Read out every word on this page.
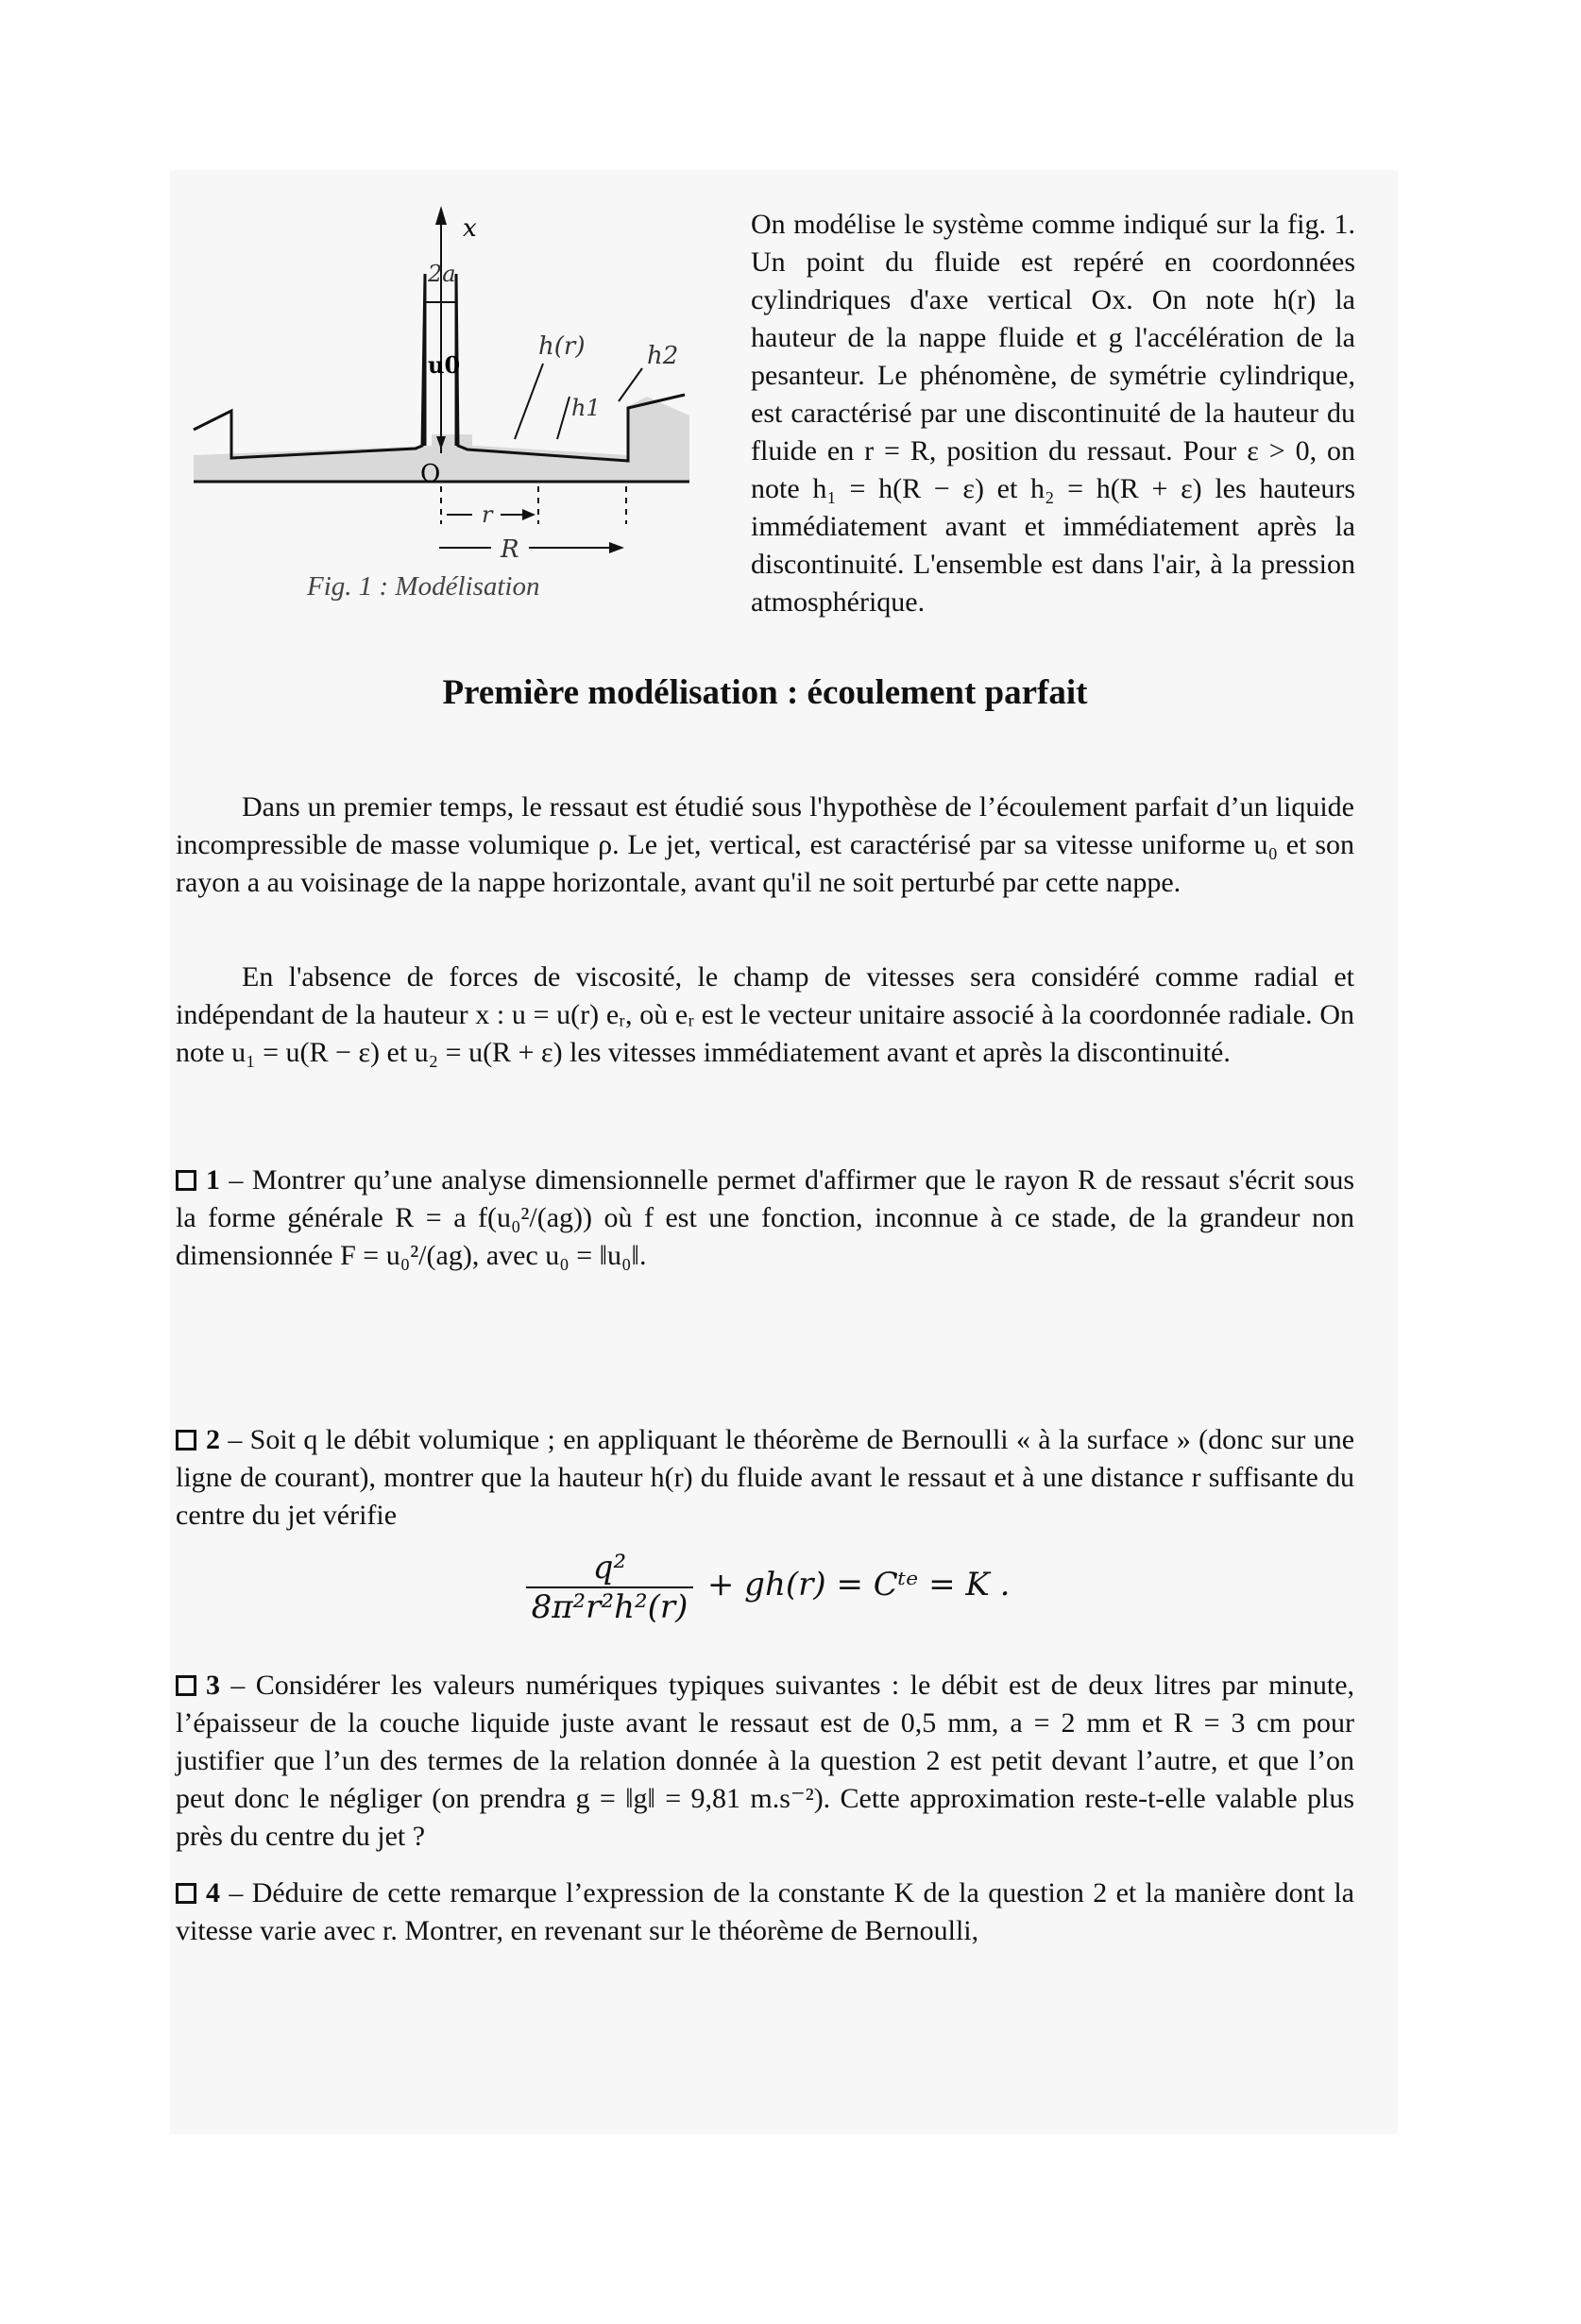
x
2a
u0
h(r)
h1
h2
O
r
R
Fig. 1 : Modélisation

On modélise le système comme indiqué sur la fig. 1. Un point du fluide est repéré en coordonnées cylindriques d'axe vertical Ox. On note h(r) la hauteur de la nappe fluide et g l'accélération de la pesanteur. Le phénomène, de symétrie cylindrique, est caractérisé par une discontinuité de la hauteur du fluide en r = R, position du ressaut. Pour ε > 0, on note h₁ = h(R − ε) et h₂ = h(R + ε) les hauteurs immédiatement avant et immédiatement après la discontinuité. L'ensemble est dans l'air, à la pression atmosphérique.

Première modélisation : écoulement parfait

Dans un premier temps, le ressaut est étudié sous l'hypothèse de l’écoulement parfait d’un liquide incompressible de masse volumique ρ. Le jet, vertical, est caractérisé par sa vitesse uniforme u₀ et son rayon a au voisinage de la nappe horizontale, avant qu'il ne soit perturbé par cette nappe.

En l'absence de forces de viscosité, le champ de vitesses sera considéré comme radial et indépendant de la hauteur x : u = u(r) eᵣ, où eᵣ est le vecteur unitaire associé à la coordonnée radiale. On note u₁ = u(R − ε) et u₂ = u(R + ε) les vitesses immédiatement avant et après la discontinuité.

1 – Montrer qu’une analyse dimensionnelle permet d'affirmer que le rayon R de ressaut s'écrit sous la forme générale R = a f(u₀²/(ag)) où f est une fonction, inconnue à ce stade, de la grandeur non dimensionnée F = u₀²/(ag), avec u₀ = ‖u₀‖.

2 – Soit q le débit volumique ; en appliquant le théorème de Bernoulli « à la surface » (donc sur une ligne de courant), montrer que la hauteur h(r) du fluide avant le ressaut et à une distance r suffisante du centre du jet vérifie

$\frac{\text{q²}}{\text{8π²r²h²(r)}} + gh(r)$ = Cᵗᵉ = K .

3 – Considérer les valeurs numériques typiques suivantes : le débit est de deux litres par minute, l’épaisseur de la couche liquide juste avant le ressaut est de 0,5 mm, a = 2 mm et R = 3 cm pour justifier que l’un des termes de la relation donnée à la question 2 est petit devant l’autre, et que l’on peut donc le négliger (on prendra g = ‖g‖ = 9,81 m.s⁻²). Cette approximation reste-t-elle valable plus près du centre du jet ?

4 – Déduire de cette remarque l’expression de la constante K de la question 2 et la manière dont la vitesse varie avec r. Montrer, en revenant sur le théorème de Bernoulli,
